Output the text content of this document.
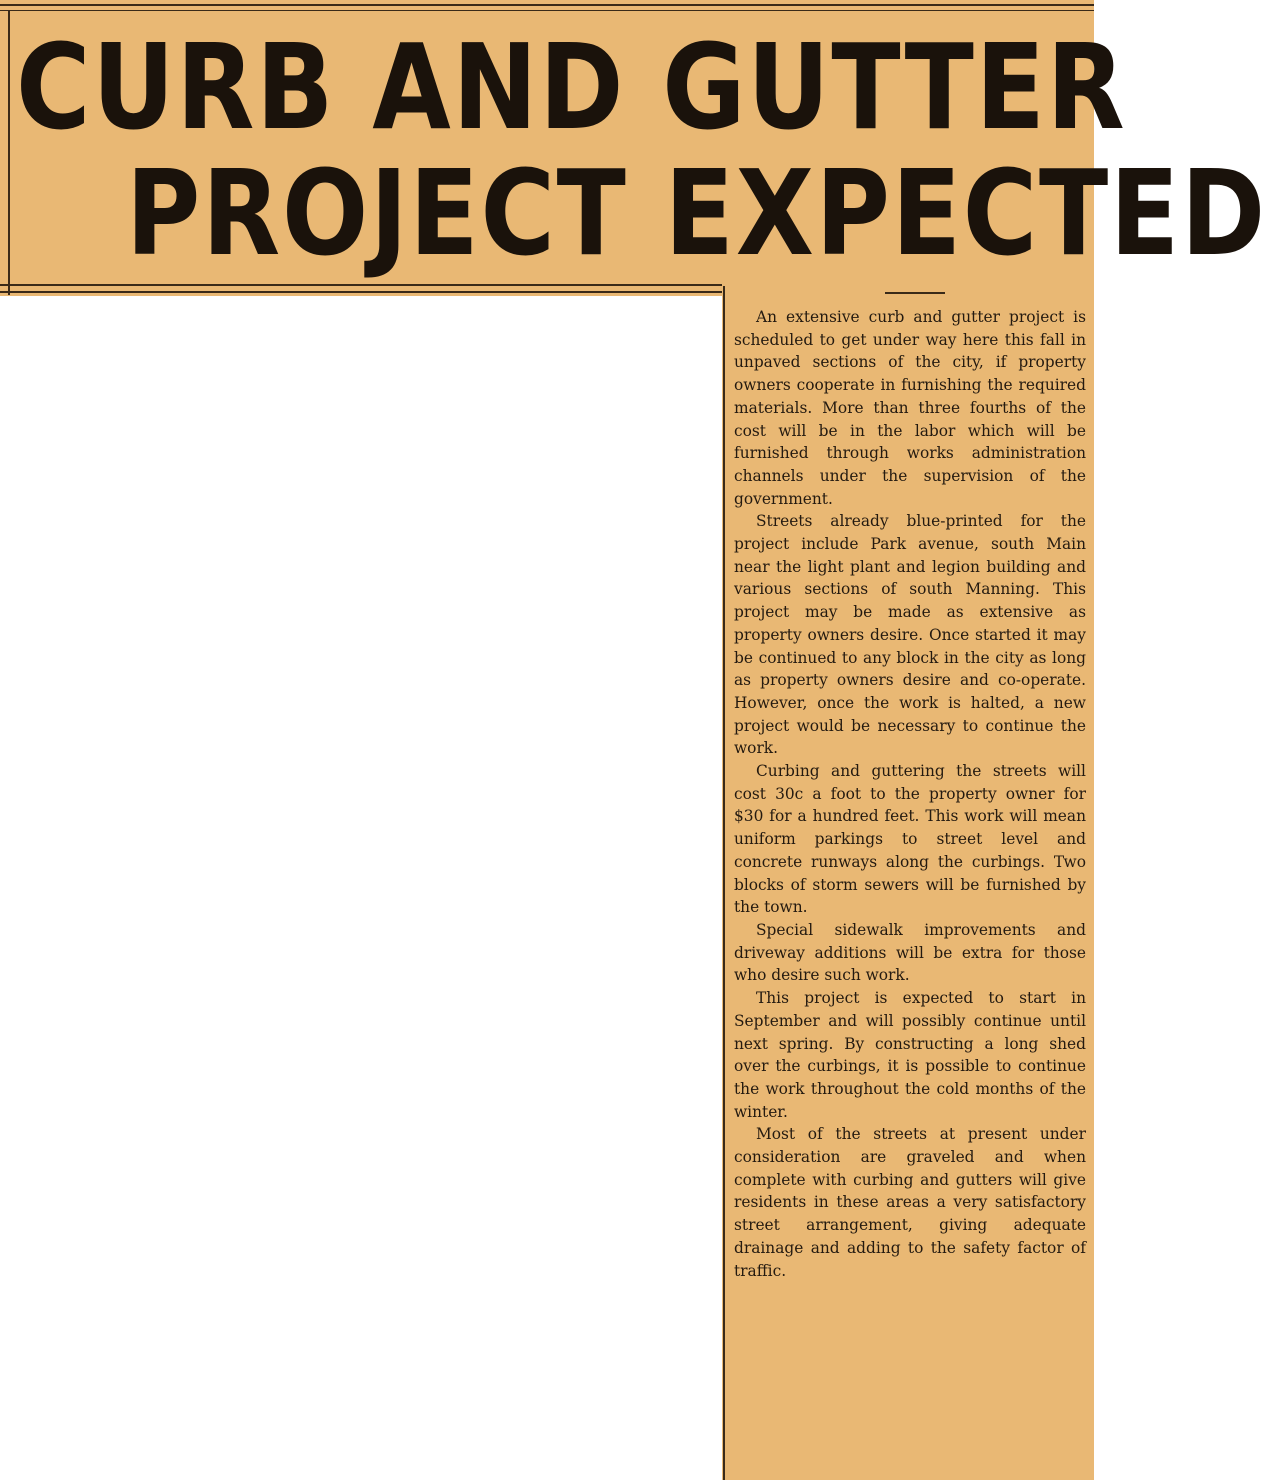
CURB AND GUTTER
PROJECT EXPECTED

An extensive curb and gutter project is scheduled to get under way here this fall in unpaved sections of the city, if property owners cooperate in furnishing the required materials. More than three fourths of the cost will be in the labor which will be furnished through works administration channels under the supervision of the government.

Streets already blue-printed for the project include Park avenue, south Main near the light plant and legion building and various sections of south Manning. This project may be made as extensive as property owners desire. Once started it may be continued to any block in the city as long as property owners desire and co-operate. However, once the work is halted, a new project would be necessary to continue the work.

Curbing and guttering the streets will cost 30c a foot to the property owner for $30 for a hundred feet. This work will mean uniform parkings to street level and concrete runways along the curbings. Two blocks of storm sewers will be furnished by the town.

Special sidewalk improvements and driveway additions will be extra for those who desire such work.

This project is expected to start in September and will possibly continue until next spring. By constructing a long shed over the curbings, it is possible to continue the work throughout the cold months of the winter.

Most of the streets at present under consideration are graveled and when complete with curbing and gutters will give residents in these areas a very satisfactory street arrangement, giving adequate drainage and adding to the safety factor of traffic.
